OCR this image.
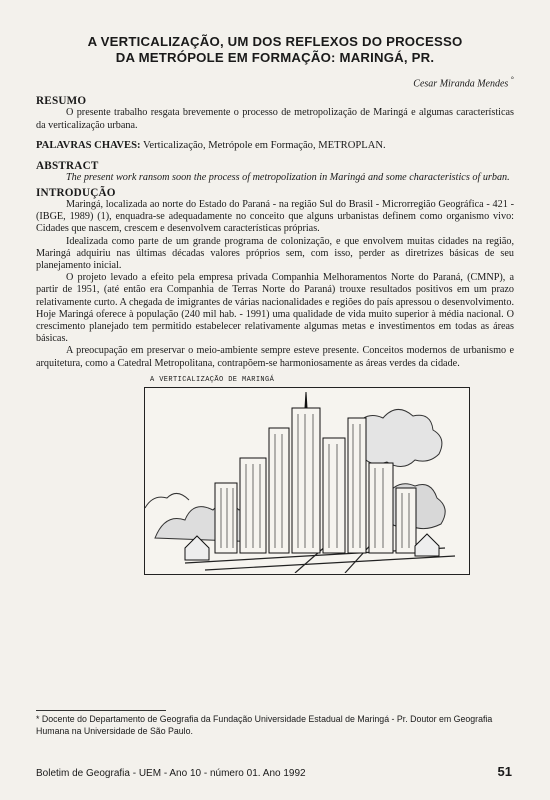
A VERTICALIZAÇÃO, UM DOS REFLEXOS DO PROCESSO
DA METRÓPOLE EM FORMAÇÃO: MARINGÁ, PR.
Cesar Miranda Mendes °
RESUMO

O presente trabalho resgata brevemente o processo de metropolização de Maringá e algumas características da verticalização urbana.

PALAVRAS CHAVES: Verticalização, Metrópole em Formação, METROPLAN.
ABSTRACT

The present work ransom soon the process of metropolization in Maringá and some characteristics of urban.

INTRODUÇÃO

Maringá, localizada ao norte do Estado do Paraná - na região Sul do Brasil - Microrregião Geográfica - 421 - (IBGE, 1989) (1), enquadra-se adequadamente no conceito que alguns urbanistas definem como organismo vivo: Cidades que nascem, crescem e desenvolvem características próprias.

Idealizada como parte de um grande programa de colonização, e que envolvem muitas cidades na região, Maringá adquiriu nas últimas décadas valores próprios sem, com isso, perder as diretrizes básicas de seu planejamento inicial.

O projeto levado a efeito pela empresa privada Companhia Melhoramentos Norte do Paraná, (CMNP), a partir de 1951, (até então era Companhia de Terras Norte do Paraná) trouxe resultados positivos em um prazo relativamente curto. A chegada de imigrantes de várias nacionalidades e regiões do país apressou o desenvolvimento. Hoje Maringá oferece à população (240 mil hab. - 1991) uma qualidade de vida muito superior à média nacional. O crescimento planejado tem permitido estabelecer relativamente algumas metas e investimentos em todas as áreas básicas.

A preocupação em preservar o meio-ambiente sempre esteve presente. Conceitos modernos de urbanismo e arquitetura, como a Catedral Metropolitana, contrapõem-se harmoniosamente as áreas verdes da cidade.

A VERTICALIZAÇÃO DE MARINGÁ
* Docente do Departamento de Geografia da Fundação Universidade Estadual de Maringá - Pr. Doutor em Geografia Humana na Universidade de São Paulo.
Boletim de Geografia - UEM - Ano 10 - número 01. Ano 1992	51
